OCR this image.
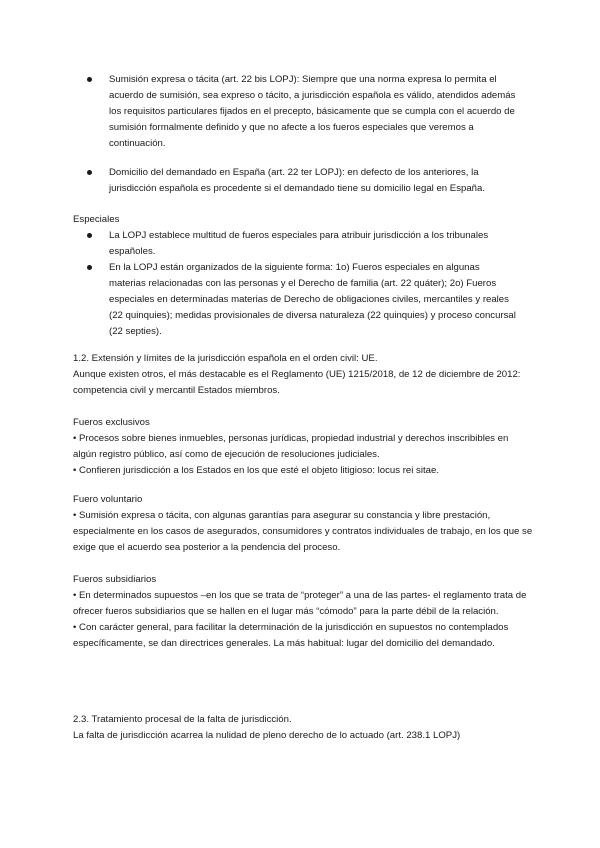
Sumisión expresa o tácita (art. 22 bis LOPJ): Siempre que una norma expresa lo permita el acuerdo de sumisión, sea expreso o tácito, a jurisdicción española es válido, atendidos además los requisitos particulares fijados en el precepto, básicamente que se cumpla con el acuerdo de sumisión formalmente definido y que no afecte a los fueros especiales que veremos a continuación.

Domicilio del demandado en España (art. 22 ter LOPJ): en defecto de los anteriores, la jurisdicción española es procedente si el demandado tiene su domicilio legal en España.

Especiales

La LOPJ establece multitud de fueros especiales para atribuir jurisdicción a los tribunales españoles.

En la LOPJ están organizados de la siguiente forma: 1o) Fueros especiales en algunas materias relacionadas con las personas y el Derecho de familia (art. 22 quáter); 2o) Fueros especiales en determinadas materias de Derecho de obligaciones civiles, mercantiles y reales (22 quinquies); medidas provisionales de diversa naturaleza (22 quinquies) y proceso concursal (22 septies).

1.2. Extensión y límites de la jurisdicción española en el orden civil: UE.

Aunque existen otros, el más destacable es el Reglamento (UE) 1215/2018, de 12 de diciembre de 2012: competencia civil y mercantil Estados miembros.

Fueros exclusivos

• Procesos sobre bienes inmuebles, personas jurídicas, propiedad industrial y derechos inscribibles en algún registro público, así como de ejecución de resoluciones judiciales.

• Confieren jurisdicción a los Estados en los que esté el objeto litigioso: locus rei sitae.

Fuero voluntario

• Sumisión expresa o tácita, con algunas garantías para asegurar su constancia y libre prestación, especialmente en los casos de asegurados, consumidores y contratos individuales de trabajo, en los que se exige que el acuerdo sea posterior a la pendencia del proceso.

Fueros subsidiarios

• En determinados supuestos –en los que se trata de “proteger” a una de las partes- el reglamento trata de ofrecer fueros subsidiarios que se hallen en el lugar más “cómodo” para la parte débil de la relación.

• Con carácter general, para facilitar la determinación de la jurisdicción en supuestos no contemplados específicamente, se dan directrices generales. La más habitual: lugar del domicilio del demandado.

2.3. Tratamiento procesal de la falta de jurisdicción.

La falta de jurisdicción acarrea la nulidad de pleno derecho de lo actuado (art. 238.1 LOPJ)
